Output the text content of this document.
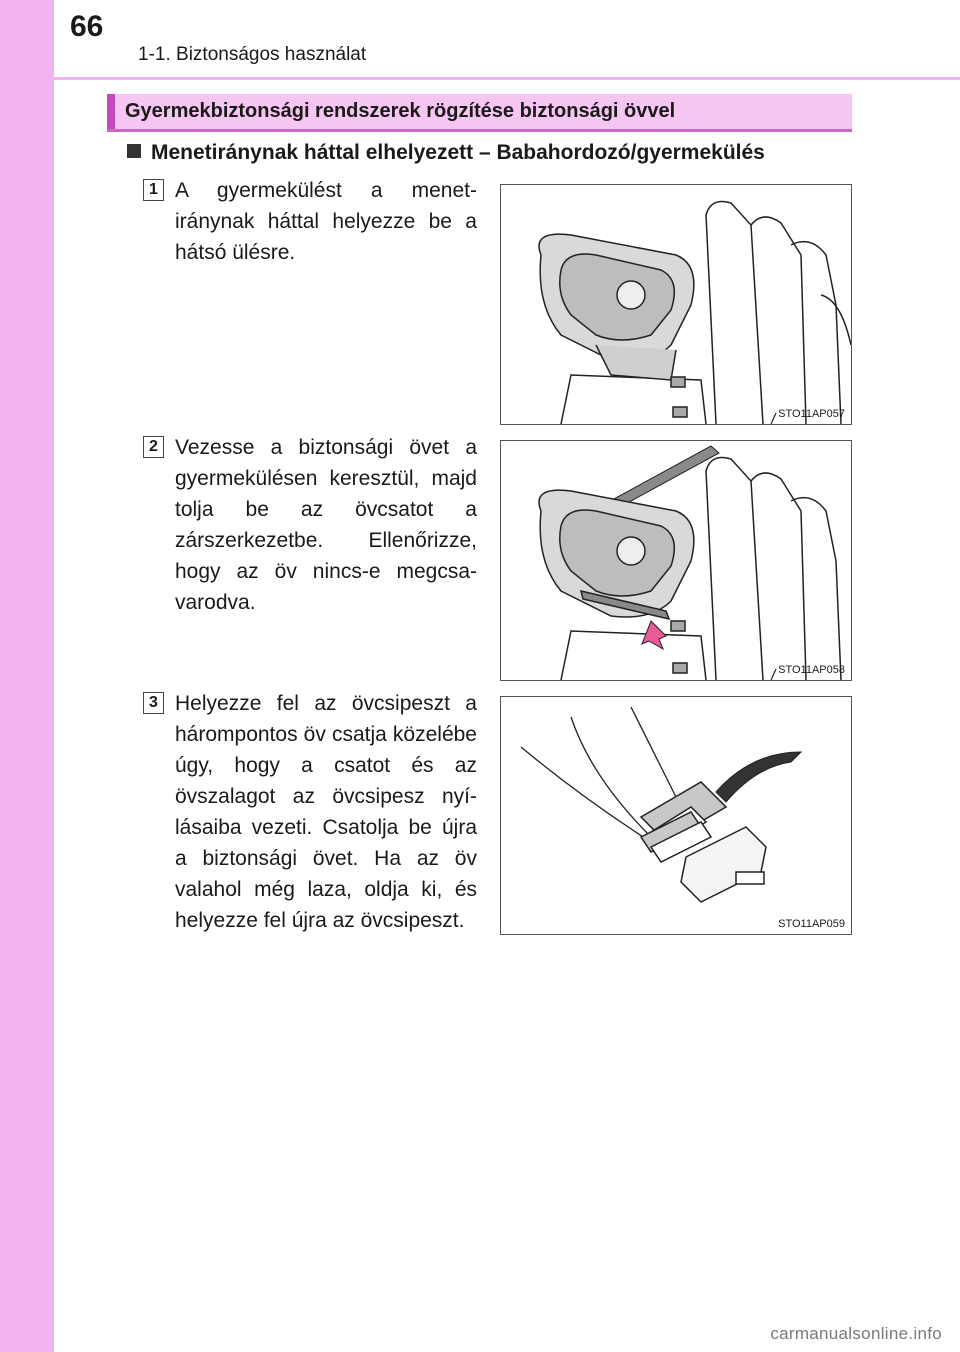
66
1-1. Biztonságos használat
Gyermekbiztonsági rendszerek rögzítése biztonsági övvel
Menetiránynak háttal elhelyezett – Babahordozó/gyermekülés
1 A gyermekülést a menetiránynak háttal helyezze be a hátsó ülésre.

STO11AP057
2 Vezesse a biztonsági övet a gyermekülésen keresztül, majd tolja be az övcsatot a zárszerkezetbe. Ellenőrizze, hogy az öv nincs-e megcsavarodva.

STO11AP058
3 Helyezze fel az övcsipeszt a hárompontos öv csatja közelébe úgy, hogy a csatot és az övszalagot az övcsipesz nyílásaiba vezeti. Csatolja be újra a biztonsági övet. Ha az öv valahol még laza, oldja ki, és helyezze fel újra az övcsipeszt.	STO11AP059
carmanualsonline.info
